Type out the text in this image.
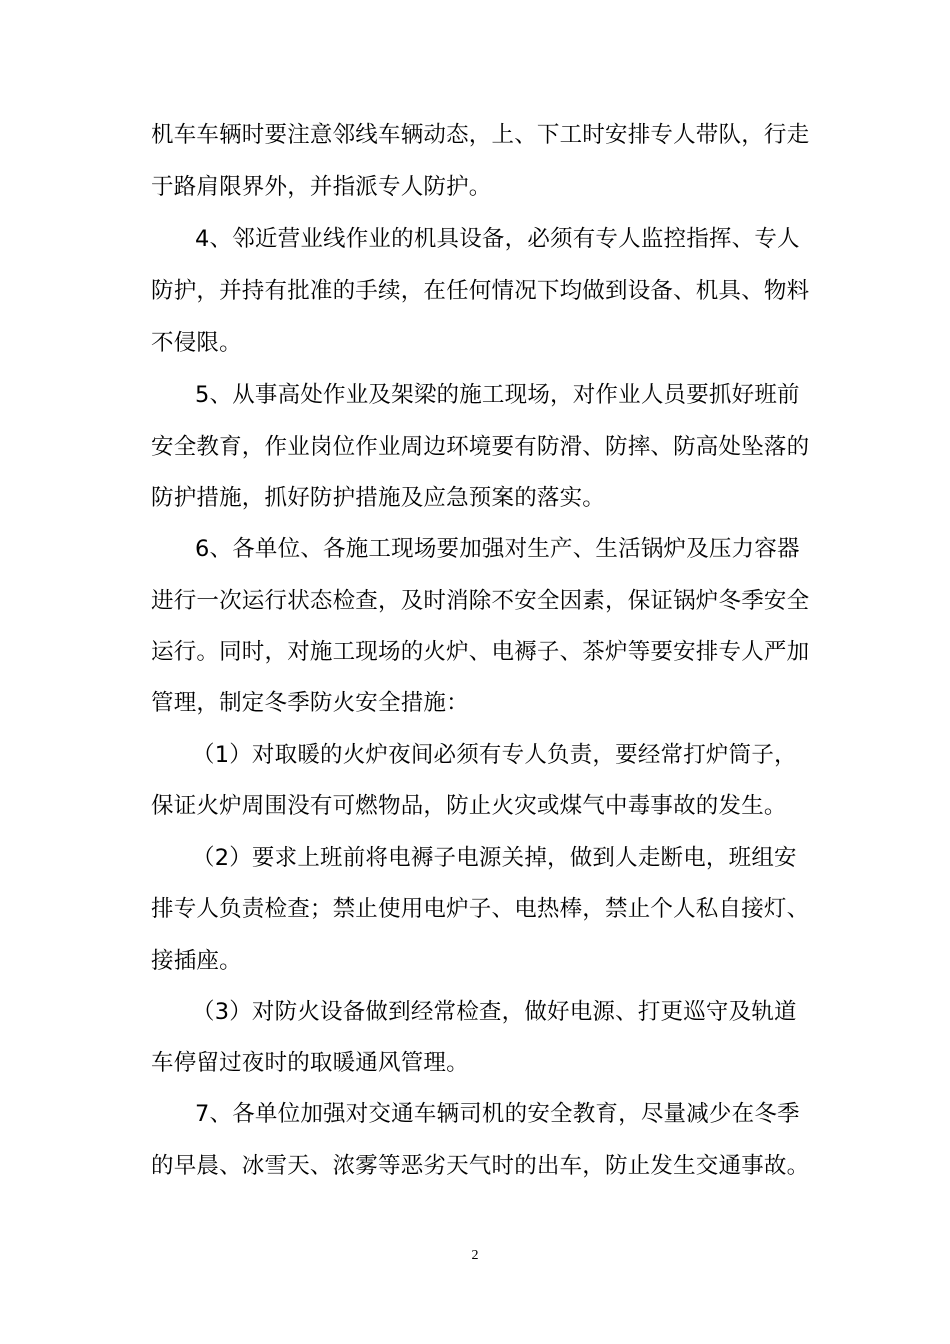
机车车辆时要注意邻线车辆动态，上、下工时安排专人带队，行走
于路肩限界外，并指派专人防护。
4、邻近营业线作业的机具设备，必须有专人监控指挥、专人
防护，并持有批准的手续，在任何情况下均做到设备、机具、物料
不侵限。
5、从事高处作业及架梁的施工现场，对作业人员要抓好班前
安全教育，作业岗位作业周边环境要有防滑、防摔、防高处坠落的
防护措施，抓好防护措施及应急预案的落实。
6、各单位、各施工现场要加强对生产、生活锅炉及压力容器
进行一次运行状态检查，及时消除不安全因素，保证锅炉冬季安全
运行。同时，对施工现场的火炉、电褥子、茶炉等要安排专人严加
管理，制定冬季防火安全措施：
（1）对取暖的火炉夜间必须有专人负责，要经常打炉筒子，
保证火炉周围没有可燃物品，防止火灾或煤气中毒事故的发生。
（2）要求上班前将电褥子电源关掉，做到人走断电，班组安
排专人负责检查；禁止使用电炉子、电热棒，禁止个人私自接灯、
接插座。
（3）对防火设备做到经常检查，做好电源、打更巡守及轨道
车停留过夜时的取暖通风管理。
7、各单位加强对交通车辆司机的安全教育，尽量减少在冬季
的早晨、冰雪天、浓雾等恶劣天气时的出车，防止发生交通事故。
2
